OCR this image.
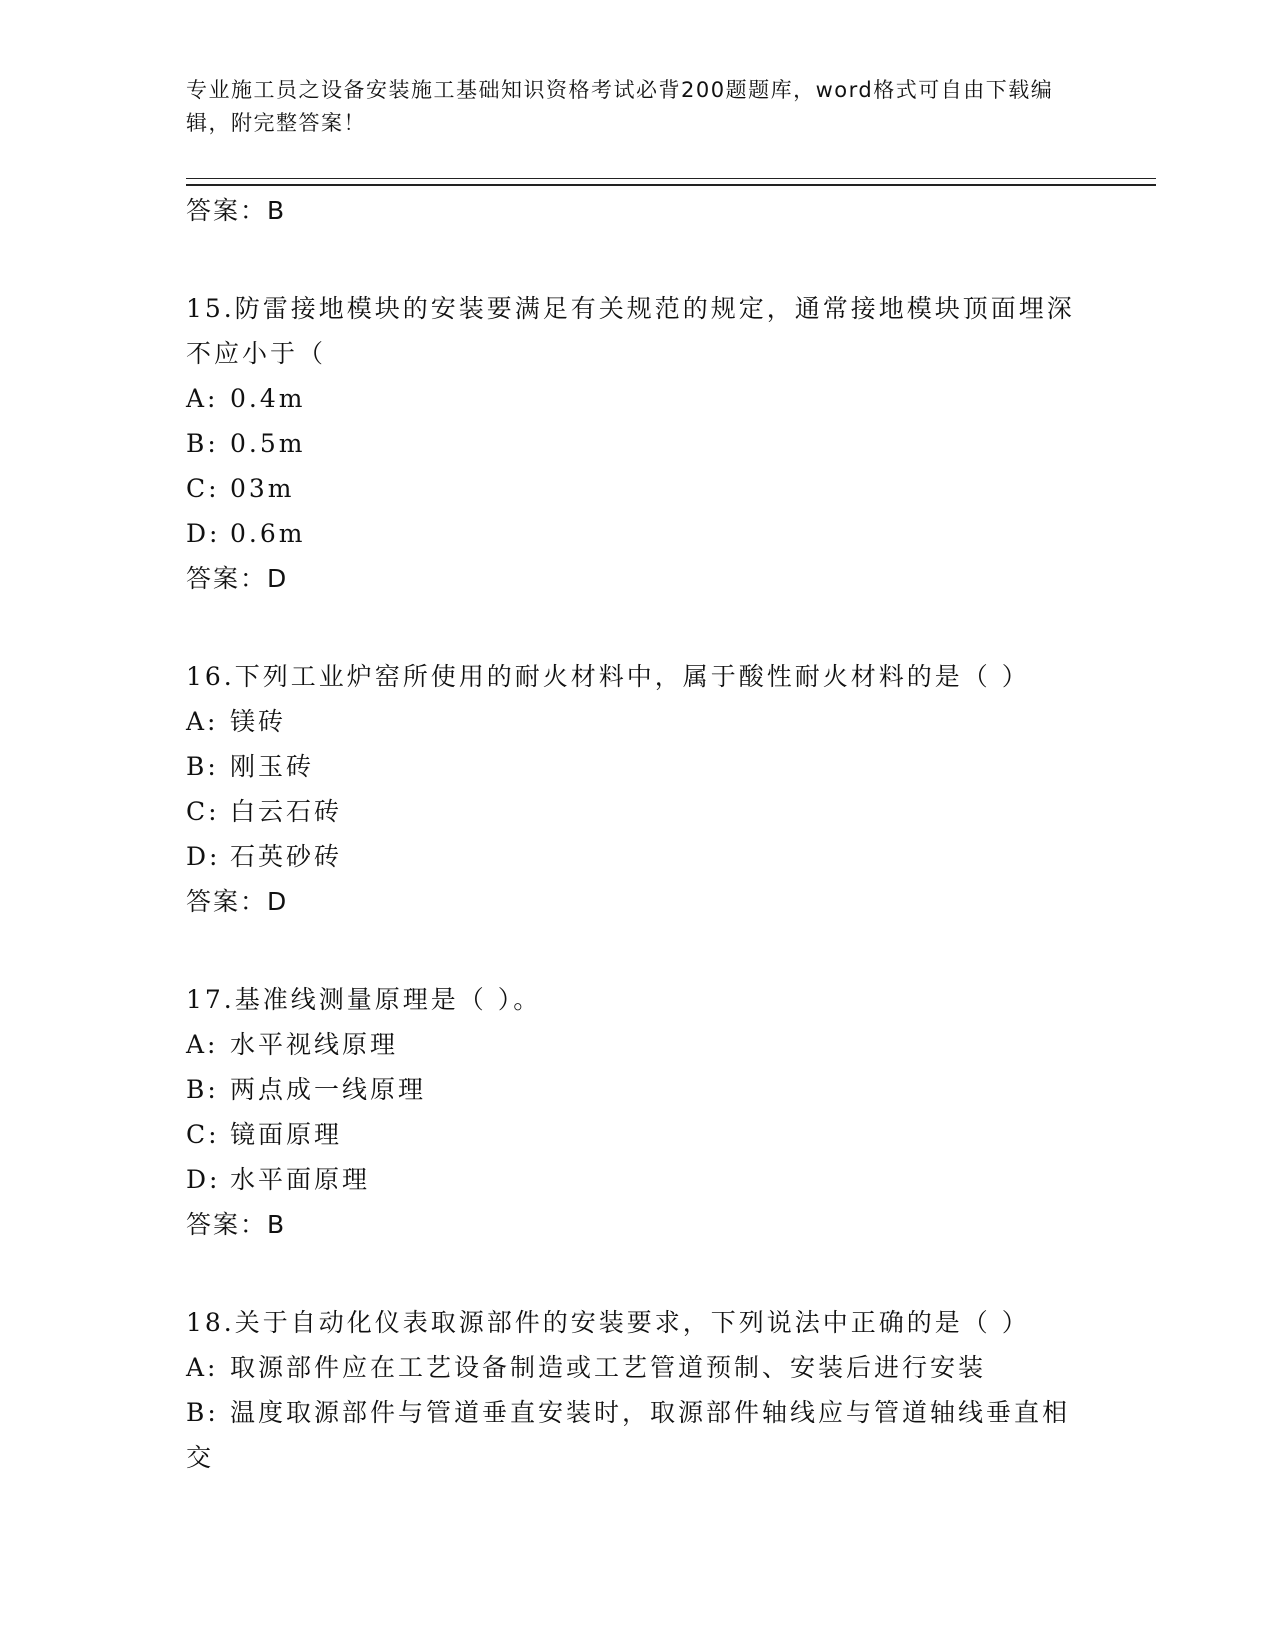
专业施工员之设备安装施工基础知识资格考试必背200题题库，word格式可自由下载编辑，附完整答案！
答案：B
15.防雷接地模块的安装要满足有关规范的规定，通常接地模块顶面埋深不应小于（
A: 0.4m
B: 0.5m
C: 03m
D: 0.6m
答案：D
16.下列工业炉窑所使用的耐火材料中，属于酸性耐火材料的是（ ）
A: 镁砖
B: 刚玉砖
C: 白云石砖
D: 石英砂砖
答案：D
17.基准线测量原理是（ ）。
A: 水平视线原理
B: 两点成一线原理
C: 镜面原理
D: 水平面原理
答案：B
18.关于自动化仪表取源部件的安装要求，下列说法中正确的是（ ）
A: 取源部件应在工艺设备制造或工艺管道预制、安装后进行安装
B: 温度取源部件与管道垂直安装时，取源部件轴线应与管道轴线垂直相交
